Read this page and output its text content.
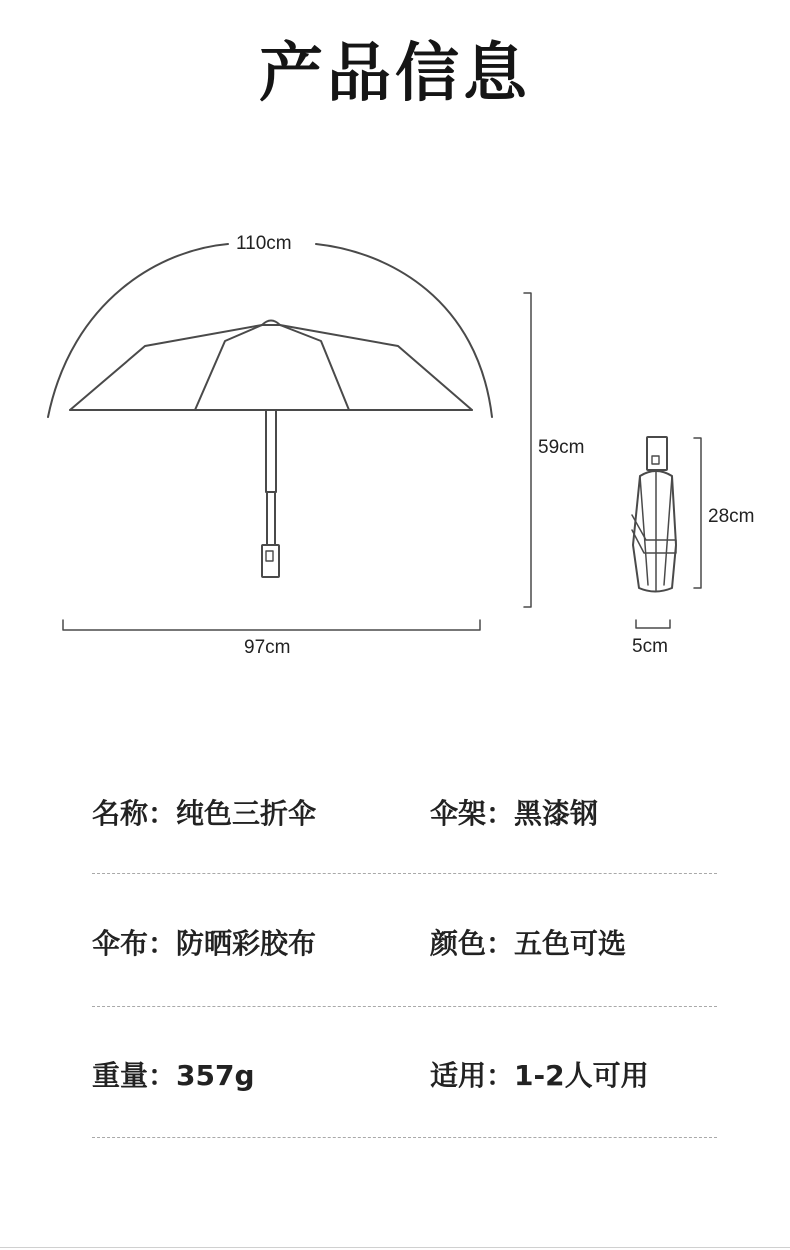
产品信息
110cm
59cm
97cm
28cm
5cm
名称：纯色三折伞	伞架：黑漆钢
伞布：防晒彩胶布	颜色：五色可选
重量：357g	适用：1-2人可用
